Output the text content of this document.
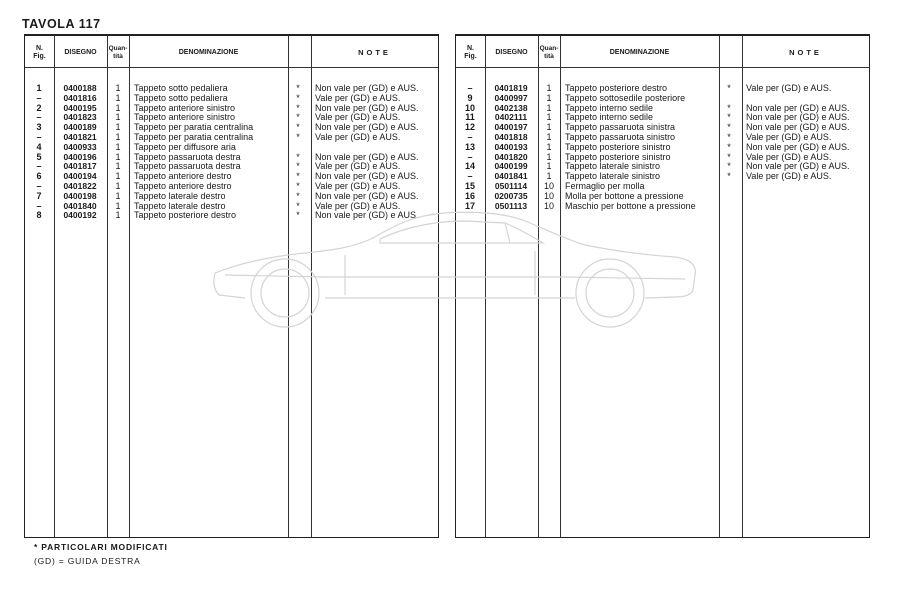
TAVOLA 117
N.
Fig.
DISEGNO
Quan-
tità
DENOMINAZIONE	NOTE
1	0400188	1	Tappeto sotto pedaliera	*	Non vale per (GD) e AUS.
–	0401816	1	Tappeto sotto pedaliera	*	Vale per (GD) e AUS.
2	0400195	1	Tappeto anteriore sinistro	*	Non vale per (GD) e AUS.
–	0401823	1	Tappeto anteriore sinistro	*	Vale per (GD) e AUS.
3	0400189	1	Tappeto per paratia centralina	*	Non vale per (GD) e AUS.
–	0401821	1	Tappeto per paratia centralina	*	Vale per (GD) e AUS.
4	0400933	1	Tappeto per diffusore aria
5	0400196	1	Tappeto passaruota destra	*	Non vale per (GD) e AUS.
–	0401817	1	Tappeto passaruota destra	*	Vale per (GD) e AUS.
6	0400194	1	Tappeto anteriore destro	*	Non vale per (GD) e AUS.
–	0401822	1	Tappeto anteriore destro	*	Vale per (GD) e AUS.
7	0400198	1	Tappeto laterale destro	*	Non vale per (GD) e AUS.
–	0401840	1	Tappeto laterale destro	*	Vale per (GD) e AUS.
8	0400192	1	Tappeto posteriore destro	*	Non vale per (GD) e AUS.
N.
Fig.
DISEGNO
Quan-
tità
DENOMINAZIONE	NOTE
–	0401819	1	Tappeto posteriore destro	*	Vale per (GD) e AUS.
9	0400997	1	Tappeto sottosedile posteriore
10	0402138	1	Tappeto interno sedile	*	Non vale per (GD) e AUS.
11	0402111	1	Tappeto interno sedile	*	Non vale per (GD) e AUS.
12	0400197	1	Tappeto passaruota sinistra	*	Non vale per (GD) e AUS.
–	0401818	1	Tappeto passaruota sinistro	*	Vale per (GD) e AUS.
13	0400193	1	Tappeto posteriore sinistro	*	Non vale per (GD) e AUS.
–	0401820	1	Tappeto posteriore sinistro	*	Vale per (GD) e AUS.
14	0400199	1	Tappeto laterale sinistro	*	Non vale per (GD) e AUS.
–	0401841	1	Tappeto laterale sinistro	*	Vale per (GD) e AUS.
15	0501114	10	Fermaglio per molla
16	0200735	10	Molla per bottone a pressione
17	0501113	10	Maschio per bottone a pressione
* PARTICOLARI MODIFICATI
(GD) = GUIDA DESTRA
